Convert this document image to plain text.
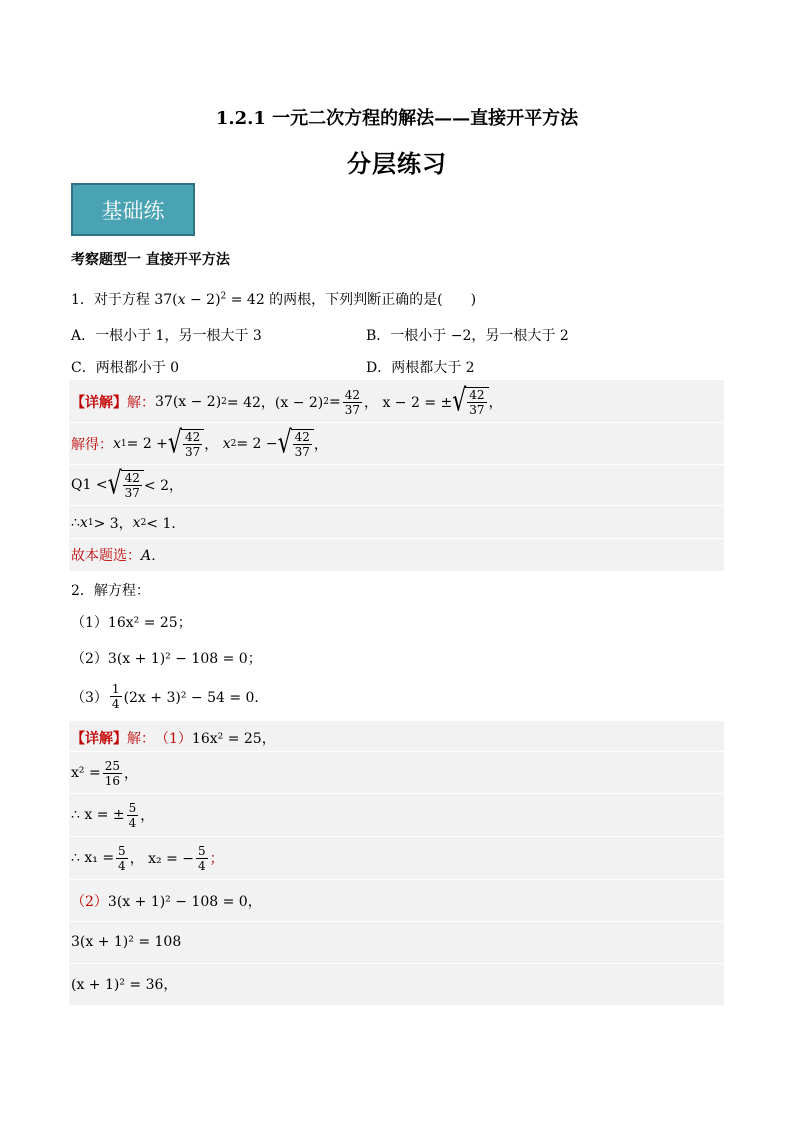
1.2.1 一元二次方程的解法——直接开平方法
分层练习
基础练
考察题型一 直接开平方法
1．对于方程 $37(x - 2)^2 = 42$ 的两根，下列判断正确的是(　　)
A．一根小于 1，另一根大于 3	B．一根小于 −2，另一根大于 2
C．两根都小于 0	D．两根都大于 2
【详解】 解： 37(x − 2) 2 = 42，(x − 2) $2 = \frac{42}{37}$ ， x − 2 = ± √ $\frac{42}{37}$ ，
解得： x 1 = 2 + √ $\frac{42}{37}$ ，
x 2 = 2 − √ $\frac{42}{37}$ ，
Q1 < √ $\frac{42}{37} < 2$，
∴ x 1 > 3， x 2 < 1．
故本题选： A．
2．解方程：
（1）16x² = 25；
（2）3(x + 1)² − 108 = 0；
$(3) \frac{1}{4} (2x + 3)^2 - 54 = 0$．
【详解】 解： （1） 16x² = 25，
$x^2 = \frac{25}{16}$ ，
∴ x = ± $\frac{5}{4}$ ，
∴ $x_1 = \frac{5}{4}$ ， x₂ = − $\frac{5}{4}$ ；
（2） 3(x + 1)² − 108 = 0，
3(x + 1)² = 108
(x + 1)² = 36，
